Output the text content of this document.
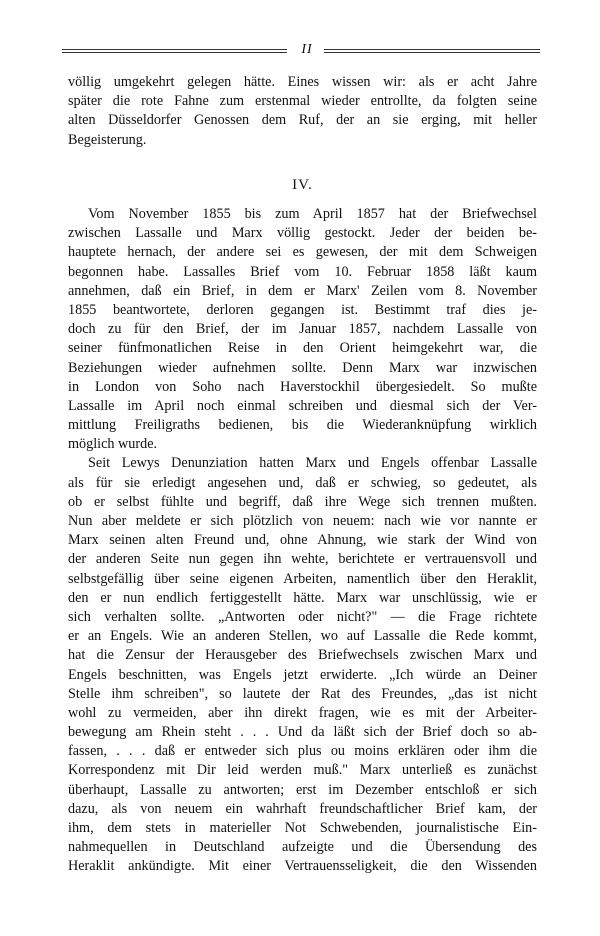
II
völlig umgekehrt gelegen hätte. Eines wissen wir: als er acht Jahre
später die rote Fahne zum erstenmal wieder entrollte, da folgten seine
alten Düsseldorfer Genossen dem Ruf, der an sie erging, mit heller
Begeisterung.
IV.
Vom November 1855 bis zum April 1857 hat der Briefwechsel
zwischen Lassalle und Marx völlig gestockt. Jeder der beiden be-
hauptete hernach, der andere sei es gewesen, der mit dem Schweigen
begonnen habe. Lassalles Brief vom 10. Februar 1858 läßt kaum
annehmen, daß ein Brief, in dem er Marx' Zeilen vom 8. November
1855 beantwortete, derloren gegangen ist. Bestimmt traf dies je-
doch zu für den Brief, der im Januar 1857, nachdem Lassalle von
seiner fünfmonatlichen Reise in den Orient heimgekehrt war, die
Beziehungen wieder aufnehmen sollte. Denn Marx war inzwischen
in London von Soho nach Haverstockhil übergesiedelt. So mußte
Lassalle im April noch einmal schreiben und diesmal sich der Ver-
mittlung Freiligraths bedienen, bis die Wiederanknüpfung wirklich
möglich wurde.
Seit Lewys Denunziation hatten Marx und Engels offenbar Lassalle
als für sie erledigt angesehen und, daß er schwieg, so gedeutet, als
ob er selbst fühlte und begriff, daß ihre Wege sich trennen mußten.
Nun aber meldete er sich plötzlich von neuem: nach wie vor nannte er
Marx seinen alten Freund und, ohne Ahnung, wie stark der Wind von
der anderen Seite nun gegen ihn wehte, berichtete er vertrauensvoll und
selbstgefällig über seine eigenen Arbeiten, namentlich über den Heraklit,
den er nun endlich fertiggestellt hätte. Marx war unschlüssig, wie er
sich verhalten sollte. „Antworten oder nicht?" — die Frage richtete
er an Engels. Wie an anderen Stellen, wo auf Lassalle die Rede kommt,
hat die Zensur der Herausgeber des Briefwechsels zwischen Marx und
Engels beschnitten, was Engels jetzt erwiderte. „Ich würde an Deiner
Stelle ihm schreiben", so lautete der Rat des Freundes, „das ist nicht
wohl zu vermeiden, aber ihn direkt fragen, wie es mit der Arbeiter-
bewegung am Rhein steht . . . Und da läßt sich der Brief doch so ab-
fassen, . . . daß er entweder sich plus ou moins erklären oder ihm die
Korrespondenz mit Dir leid werden muß." Marx unterließ es zunächst
überhaupt, Lassalle zu antworten; erst im Dezember entschloß er sich
dazu, als von neuem ein wahrhaft freundschaftlicher Brief kam, der
ihm, dem stets in materieller Not Schwebenden, journalistische Ein-
nahmequellen in Deutschland aufzeigte und die Übersendung des
Heraklit ankündigte. Mit einer Vertrauensseligkeit, die den Wissenden
